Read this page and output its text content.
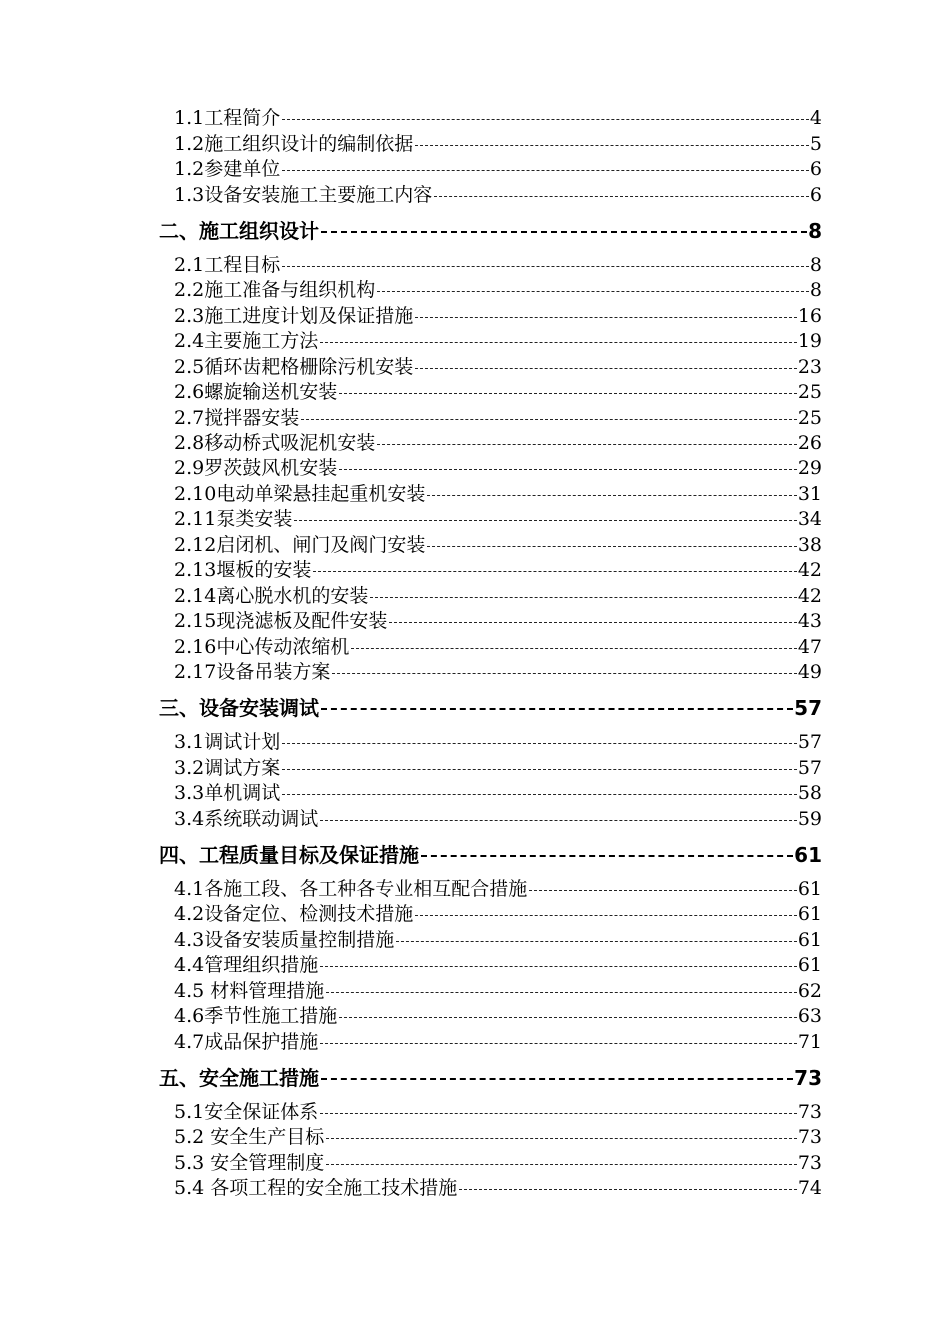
1.1 工程简介	4
1.2 施工组织设计的编制依据	5
1.2 参建单位	6
1.3 设备安装施工主要施工内容	6
二、 施工组织设计	8
2.1 工程目标	8
2.2 施工准备与组织机构	8
2.3 施工进度计划及保证措施	16
2.4 主要施工方法	19
2.5 循环齿耙格栅除污机安装	23
2.6 螺旋输送机安装	25
2.7 搅拌器安装	25
2.8 移动桥式吸泥机安装	26
2.9 罗茨鼓风机安装	29
2.10 电动单梁悬挂起重机安装	31
2.11 泵类安装	34
2.12 启闭机、闸门及阀门安装	38
2.13 堰板的安装	42
2.14 离心脱水机的安装	42
2.15 现浇滤板及配件安装	43
2.16 中心传动浓缩机	47
2.17 设备吊装方案	49
三、 设备安装调试	57
3.1 调试计划	57
3.2 调试方案	57
3.3 单机调试	58
3.4 系统联动调试	59
四、 工程质量目标及保证措施	61
4.1 各施工段、各工种各专业相互配合措施	61
4.2 设备定位、检测技术措施	61
4.3 设备安装质量控制措施	61
4.4 管理组织措施	61
4.5 材料管理措施	62
4.6 季节性施工措施	63
4.7 成品保护措施	71
五、 安全施工措施	73
5.1 安全保证体系	73
5.2 安全生产目标	73
5.3 安全管理制度	73
5.4 各项工程的安全施工技术措施	74
